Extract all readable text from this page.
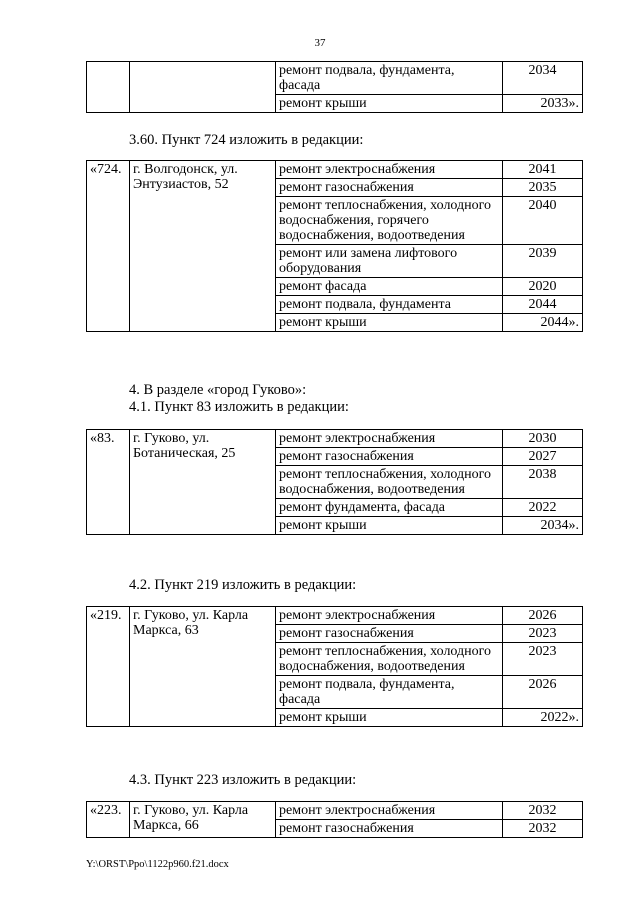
37
		ремонт подвала, фундамента, фасада	2034

		ремонт крыши	2033».
3.60. Пункт 724 изложить в редакции:
«724.	г. Волгодонск, ул. Энтузиастов, 52	ремонт электроснабжения	2041

		ремонт газоснабжения	2035

		ремонт теплоснабжения, холодного водоснабжения, горячего водоснабжения, водоотведения	2040

		ремонт или замена лифтового оборудования	2039

		ремонт фасада	2020

		ремонт подвала, фундамента	2044

		ремонт крыши	2044».
4. В разделе «город Гуково»:
4.1. Пункт 83 изложить в редакции:
«83.	г. Гуково, ул. Ботаническая, 25	ремонт электроснабжения	2030

		ремонт газоснабжения	2027

		ремонт теплоснабжения, холодного водоснабжения, водоотведения	2038

		ремонт фундамента, фасада	2022

		ремонт крыши	2034».
4.2. Пункт 219 изложить в редакции:
«219.	г. Гуково, ул. Карла Маркса, 63	ремонт электроснабжения	2026

		ремонт газоснабжения	2023

		ремонт теплоснабжения, холодного водоснабжения, водоотведения	2023

		ремонт подвала, фундамента, фасада	2026

		ремонт крыши	2022».
4.3. Пункт 223 изложить в редакции:
«223.	г. Гуково, ул. Карла Маркса, 66	ремонт электроснабжения	2032

		ремонт газоснабжения	2032
Y:\ORST\Ppo\1122p960.f21.docx
